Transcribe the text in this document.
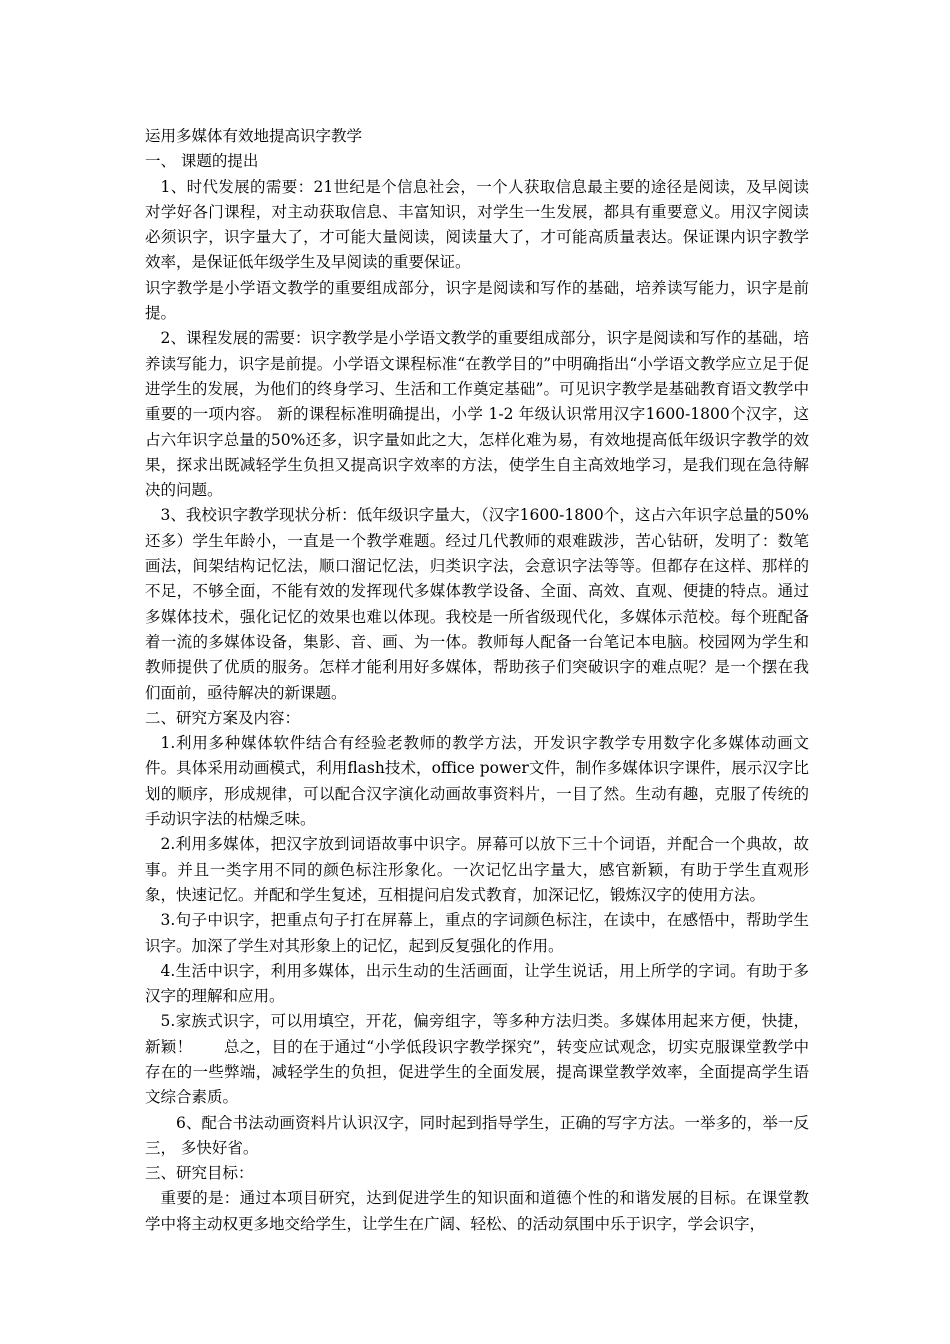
运用多媒体有效地提高识字教学

一、 课题的提出

1、时代发展的需要：21世纪是个信息社会，一个人获取信息最主要的途径是阅读，及早阅读对学好各门课程，对主动获取信息、丰富知识，对学生一生发展，都具有重要意义。用汉字阅读必须识字，识字量大了，才可能大量阅读，阅读量大了，才可能高质量表达。保证课内识字教学效率，是保证低年级学生及早阅读的重要保证。

识字教学是小学语文教学的重要组成部分，识字是阅读和写作的基础，培养读写能力，识字是前提。

2、课程发展的需要：识字教学是小学语文教学的重要组成部分，识字是阅读和写作的基础，培养读写能力，识字是前提。小学语文课程标准“在教学目的”中明确指出“小学语文教学应立足于促进学生的发展，为他们的终身学习、生活和工作奠定基础”。可见识字教学是基础教育语文教学中重要的一项内容。 新的课程标准明确提出，小学 1-2 年级认识常用汉字1600-1800个汉字，这占六年识字总量的50%还多，识字量如此之大，怎样化难为易，有效地提高低年级识字教学的效果，探求出既减轻学生负担又提高识字效率的方法，使学生自主高效地学习，是我们现在急待解决的问题。

3、我校识字教学现状分析：低年级识字量大，（汉字1600-1800个，这占六年识字总量的50%还多）学生年龄小，一直是一个教学难题。经过几代教师的艰难跋涉，苦心钻研，发明了：数笔画法，间架结构记忆法，顺口溜记忆法，归类识字法，会意识字法等等。但都存在这样、那样的不足，不够全面，不能有效的发挥现代多媒体教学设备、全面、高效、直观、便捷的特点。通过多媒体技术，强化记忆的效果也难以体现。我校是一所省级现代化，多媒体示范校。每个班配备着一流的多媒体设备，集影、音、画、为一体。教师每人配备一台笔记本电脑。校园网为学生和教师提供了优质的服务。怎样才能利用好多媒体，帮助孩子们突破识字的难点呢？是一个摆在我们面前，亟待解决的新课题。

二、研究方案及内容：

1.利用多种媒体软件结合有经验老教师的教学方法，开发识字教学专用数字化多媒体动画文件。具体采用动画模式，利用flash技术，office power文件，制作多媒体识字课件，展示汉字比划的顺序，形成规律，可以配合汉字演化动画故事资料片，一目了然。生动有趣，克服了传统的手动识字法的枯燥乏味。

2.利用多媒体，把汉字放到词语故事中识字。屏幕可以放下三十个词语，并配合一个典故，故事。并且一类字用不同的颜色标注形象化。一次记忆出字量大，感官新颖，有助于学生直观形象，快速记忆。并配和学生复述，互相提问启发式教育，加深记忆，锻炼汉字的使用方法。

3.句子中识字，把重点句子打在屏幕上，重点的字词颜色标注，在读中，在感悟中，帮助学生识字。加深了学生对其形象上的记忆，起到反复强化的作用。

4.生活中识字，利用多媒体，出示生动的生活画面，让学生说话，用上所学的字词。有助于多汉字的理解和应用。

5.家族式识字，可以用填空，开花，偏旁组字，等多种方法归类。多媒体用起来方便，快捷，新颖！　　总之，目的在于通过“小学低段识字教学探究”，转变应试观念，切实克服课堂教学中存在的一些弊端，减轻学生的负担，促进学生的全面发展，提高课堂教学效率，全面提高学生语文综合素质。

6、配合书法动画资料片认识汉字，同时起到指导学生，正确的写字方法。一举多的，举一反三， 多快好省。

三、研究目标：

重要的是：通过本项目研究，达到促进学生的知识面和道德个性的和谐发展的目标。在课堂教学中将主动权更多地交给学生，让学生在广阔、轻松、的活动氛围中乐于识字，学会识字，
